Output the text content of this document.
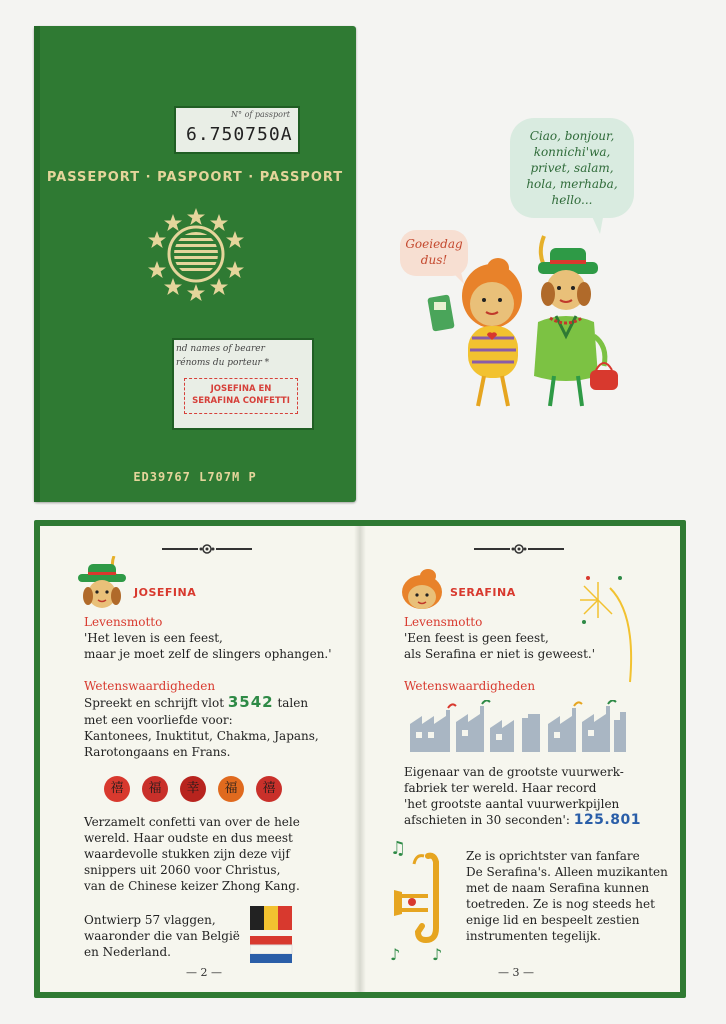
N° of passport
6.750750A
PASSEPORT · PASPOORT · PASSPORT
nd names of bearer
rénoms du porteur *
JOSEFINA EN
SERAFINA CONFETTI
ED39767 L707M P
Ciao, bonjour,
konnichi'wa,
privet, salam,
hola, merhaba,
hello...
Goeiedag
dus!
JOSEFINA
Levensmotto
'Het leven is een feest,
maar je moet zelf de slingers ophangen.'
Wetenswaardigheden
Spreekt en schrijft vlot 3542 talen
met een voorliefde voor:
Kantonees, Inuktitut, Chakma, Japans,
Rarotongaans en Frans.
禧	福	幸	福	禧
Verzamelt confetti van over de hele
wereld. Haar oudste en dus meest
waardevolle stukken zijn deze vijf
snippers uit 2060 voor Christus,
van de Chinese keizer Zhong Kang.
Ontwierp 57 vlaggen,
waaronder die van België
en Nederland.
— 2 —
SERAFINA
Levensmotto
'Een feest is geen feest,
als Serafina er niet is geweest.'
Wetenswaardigheden
Eigenaar van de grootste vuurwerk-
fabriek ter wereld. Haar record
'het grootste aantal vuurwerkpijlen
afschieten in 30 seconden': 125.801
♫
♪ ♪
Ze is oprichtster van fanfare
De Serafina's. Alleen muzikanten
met de naam Serafina kunnen
toetreden. Ze is nog steeds het
enige lid en bespeelt zestien
instrumenten tegelijk.
— 3 —
